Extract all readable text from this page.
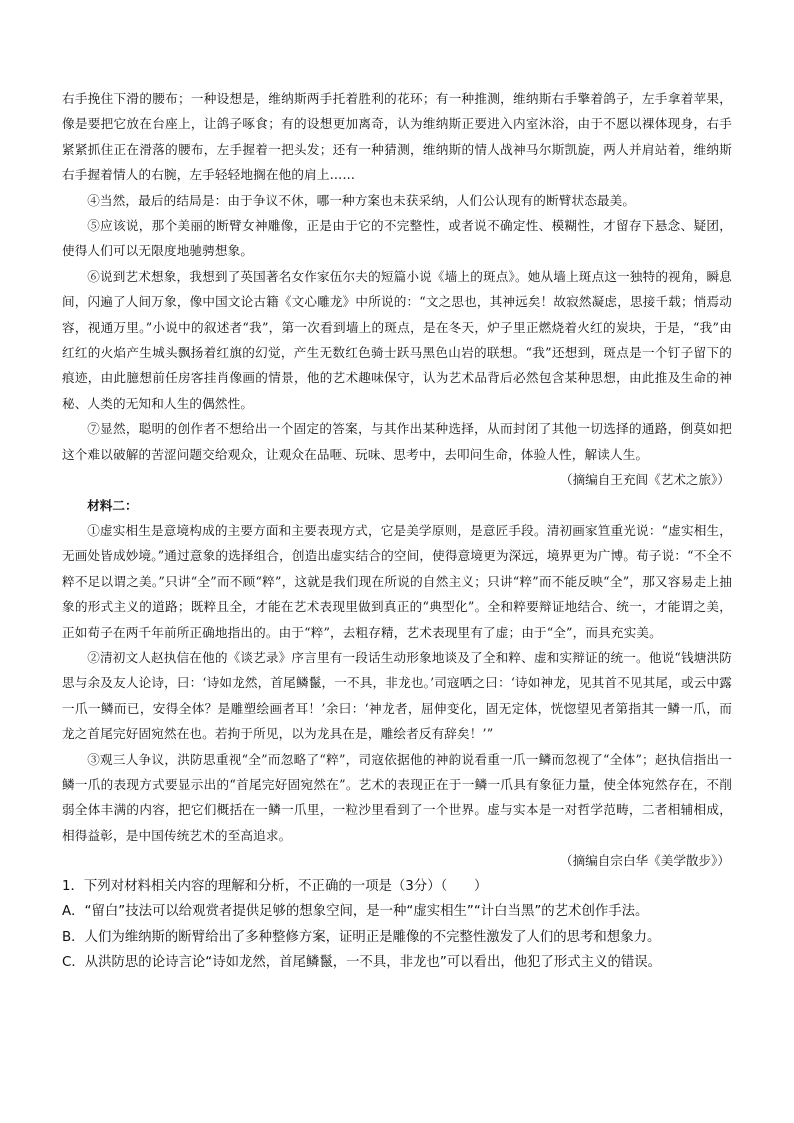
右手挽住下滑的腰布；一种设想是，维纳斯两手托着胜利的花环；有一种推测，维纳斯右手擎着鸽子，左手拿着苹果，像是要把它放在台座上，让鸽子啄食；有的设想更加离奇，认为维纳斯正要进入内室沐浴，由于不愿以裸体现身，右手紧紧抓住正在滑落的腰布，左手握着一把头发；还有一种猜测，维纳斯的情人战神马尔斯凯旋，两人并肩站着，维纳斯右手握着情人的右腕，左手轻轻地搁在他的肩上……

④当然，最后的结局是：由于争议不休，哪一种方案也未获采纳，人们公认现有的断臂状态最美。

⑤应该说，那个美丽的断臂女神雕像，正是由于它的不完整性，或者说不确定性、模糊性，才留存下悬念、疑团，使得人们可以无限度地驰骋想象。

⑥说到艺术想象，我想到了英国著名女作家伍尔夫的短篇小说《墙上的斑点》。她从墙上斑点这一独特的视角，瞬息间，闪遍了人间万象，像中国文论古籍《文心雕龙》中所说的：“文之思也，其神远矣！故寂然凝虑，思接千载；悄焉动容，视通万里。”小说中的叙述者“我”，第一次看到墙上的斑点，是在冬天，炉子里正燃烧着火红的炭块，于是，“我”由红红的火焰产生城头飘扬着红旗的幻觉，产生无数红色骑士跃马黑色山岩的联想。“我”还想到，斑点是一个钉子留下的痕迹，由此臆想前任房客挂肖像画的情景，他的艺术趣味保守，认为艺术品背后必然包含某种思想，由此推及生命的神秘、人类的无知和人生的偶然性。

⑦显然，聪明的创作者不想给出一个固定的答案，与其作出某种选择，从而封闭了其他一切选择的通路，倒莫如把这个难以破解的苦涩问题交给观众，让观众在品咂、玩味、思考中，去叩问生命，体验人性，解读人生。

（摘编自王充闾《艺术之旅》）

材料二：

①虚实相生是意境构成的主要方面和主要表现方式，它是美学原则，是意匠手段。清初画家笪重光说：“虚实相生，无画处皆成妙境。”通过意象的选择组合，创造出虚实结合的空间，使得意境更为深远，境界更为广博。荀子说：“不全不粹不足以谓之美。”只讲“全”而不顾“粹”，这就是我们现在所说的自然主义；只讲“粹”而不能反映“全”，那又容易走上抽象的形式主义的道路；既粹且全，才能在艺术表现里做到真正的“典型化”。全和粹要辩证地结合、统一，才能谓之美，正如荀子在两千年前所正确地指出的。由于“粹”，去粗存精，艺术表现里有了虚；由于“全”，而具充实美。

②清初文人赵执信在他的《谈艺录》序言里有一段话生动形象地谈及了全和粹、虚和实辩证的统一。他说“钱塘洪防思与余及友人论诗，曰：‘诗如龙然，首尾鳞鬣，一不具，非龙也。’司寇哂之曰：‘诗如神龙，见其首不见其尾，或云中露一爪一鳞而已，安得全体？是雕塑绘画者耳！’余曰：‘神龙者，屈伸变化，固无定体，恍惚望见者第指其一鳞一爪，而龙之首尾完好固宛然在也。若拘于所见，以为龙具在是，雕绘者反有辞矣！’”

③观三人争议，洪防思重视“全”而忽略了“粹”，司寇依据他的神韵说看重一爪一鳞而忽视了“全体”；赵执信指出一鳞一爪的表现方式要显示出的“首尾完好固宛然在”。艺术的表现正在于一鳞一爪具有象征力量，使全体宛然存在，不削弱全体丰满的内容，把它们概括在一鳞一爪里，一粒沙里看到了一个世界。虚与实本是一对哲学范畴，二者相辅相成，相得益彰，是中国传统艺术的至高追求。

（摘编自宗白华《美学散步》）

1．下列对材料相关内容的理解和分析，不正确的一项是（3分）（　　）

A．“留白”技法可以给观赏者提供足够的想象空间，是一种“虚实相生”“计白当黑”的艺术创作手法。

B．人们为维纳斯的断臂给出了多种整修方案，证明正是雕像的不完整性激发了人们的思考和想象力。

C．从洪防思的论诗言论“诗如龙然，首尾鳞鬣，一不具，非龙也”可以看出，他犯了形式主义的错误。
